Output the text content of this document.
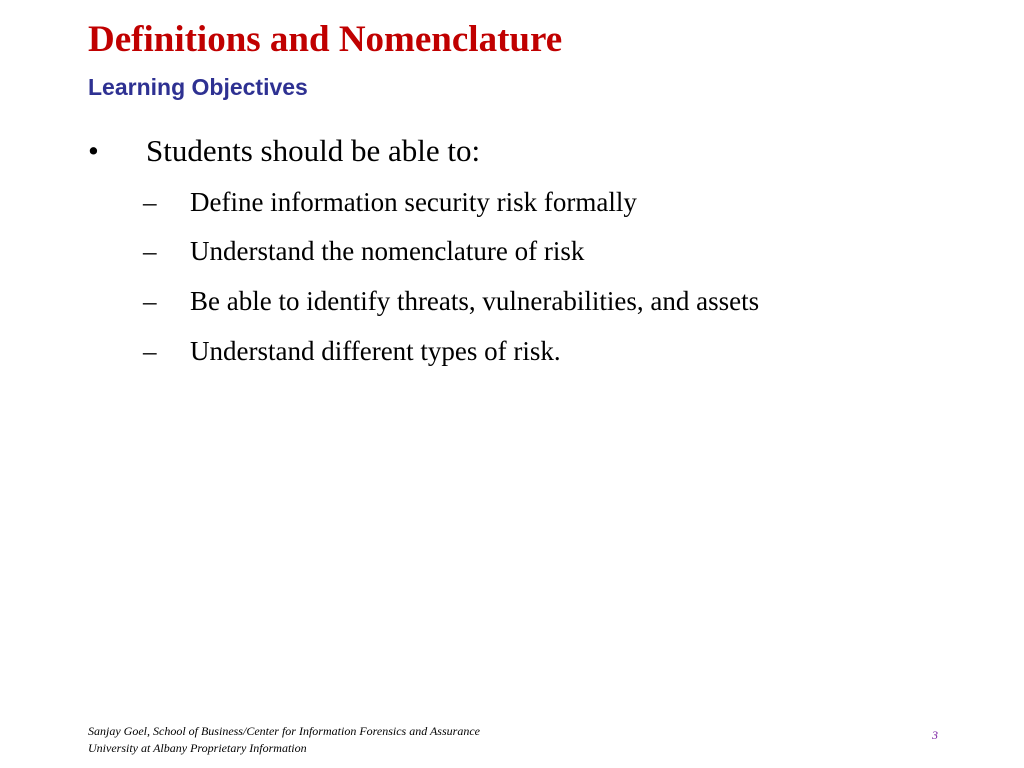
Definitions and Nomenclature
Learning Objectives
•	Students should be able to:
–	Define information security risk formally
–	Understand the nomenclature of risk
–	Be able to identify threats, vulnerabilities, and assets
–	Understand different types of risk.
Sanjay Goel, School of Business/Center for Information Forensics and Assurance
University at Albany Proprietary Information
3
